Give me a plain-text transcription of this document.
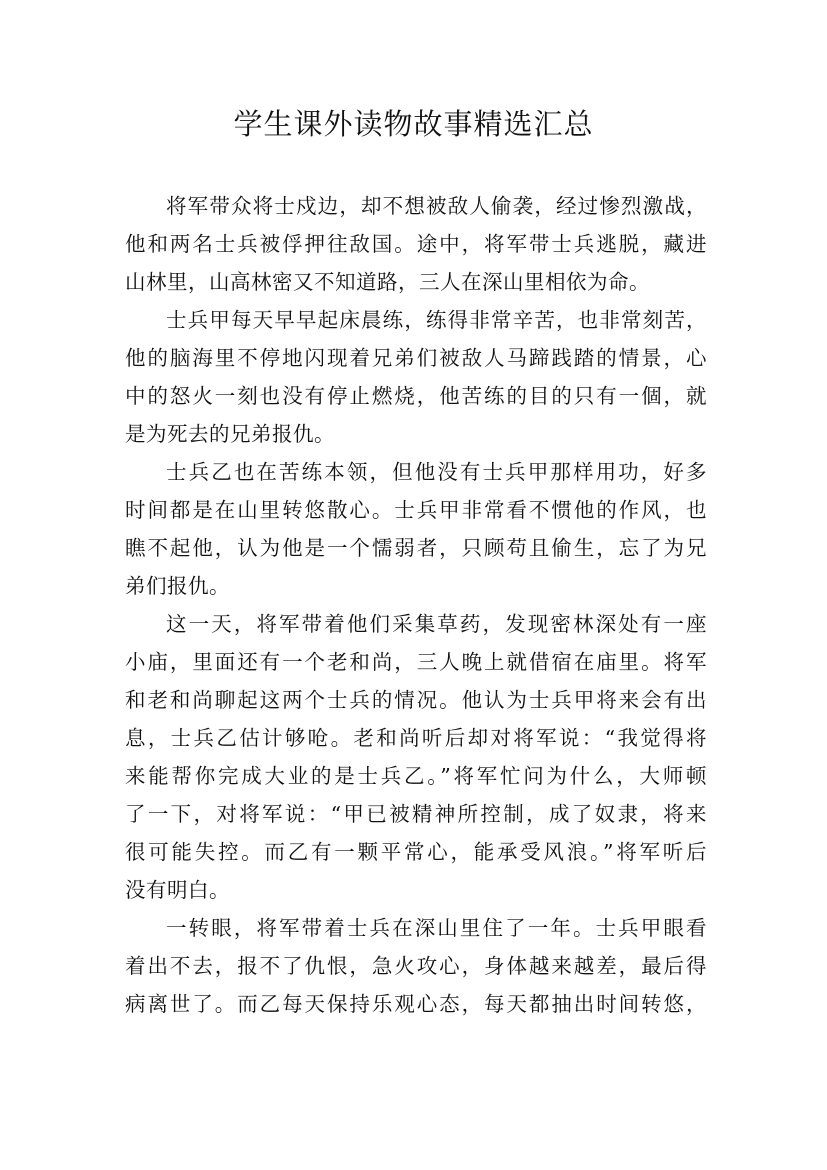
学生课外读物故事精选汇总

将军带众将士戍边，却不想被敌人偷袭，经过惨烈激战，
他和两名士兵被俘押往敌国。途中，将军带士兵逃脱，藏进
山林里，山高林密又不知道路，三人在深山里相依为命。

士兵甲每天早早起床晨练，练得非常辛苦，也非常刻苦，
他的脑海里不停地闪现着兄弟们被敌人马蹄践踏的情景，心
中的怒火一刻也没有停止燃烧，他苦练的目的只有一個，就
是为死去的兄弟报仇。

士兵乙也在苦练本领，但他没有士兵甲那样用功，好多
时间都是在山里转悠散心。士兵甲非常看不惯他的作风，也
瞧不起他，认为他是一个懦弱者，只顾苟且偷生，忘了为兄
弟们报仇。

这一天，将军带着他们采集草药，发现密林深处有一座
小庙，里面还有一个老和尚，三人晚上就借宿在庙里。将军
和老和尚聊起这两个士兵的情况。他认为士兵甲将来会有出
息，士兵乙估计够呛。老和尚听后却对将军说：“我觉得将
来能帮你完成大业的是士兵乙。”将军忙问为什么，大师顿
了一下，对将军说：“甲已被精神所控制，成了奴隶，将来
很可能失控。而乙有一颗平常心，能承受风浪。”将军听后
没有明白。

一转眼，将军带着士兵在深山里住了一年。士兵甲眼看
着出不去，报不了仇恨，急火攻心，身体越来越差，最后得
病离世了。而乙每天保持乐观心态，每天都抽出时间转悠，
